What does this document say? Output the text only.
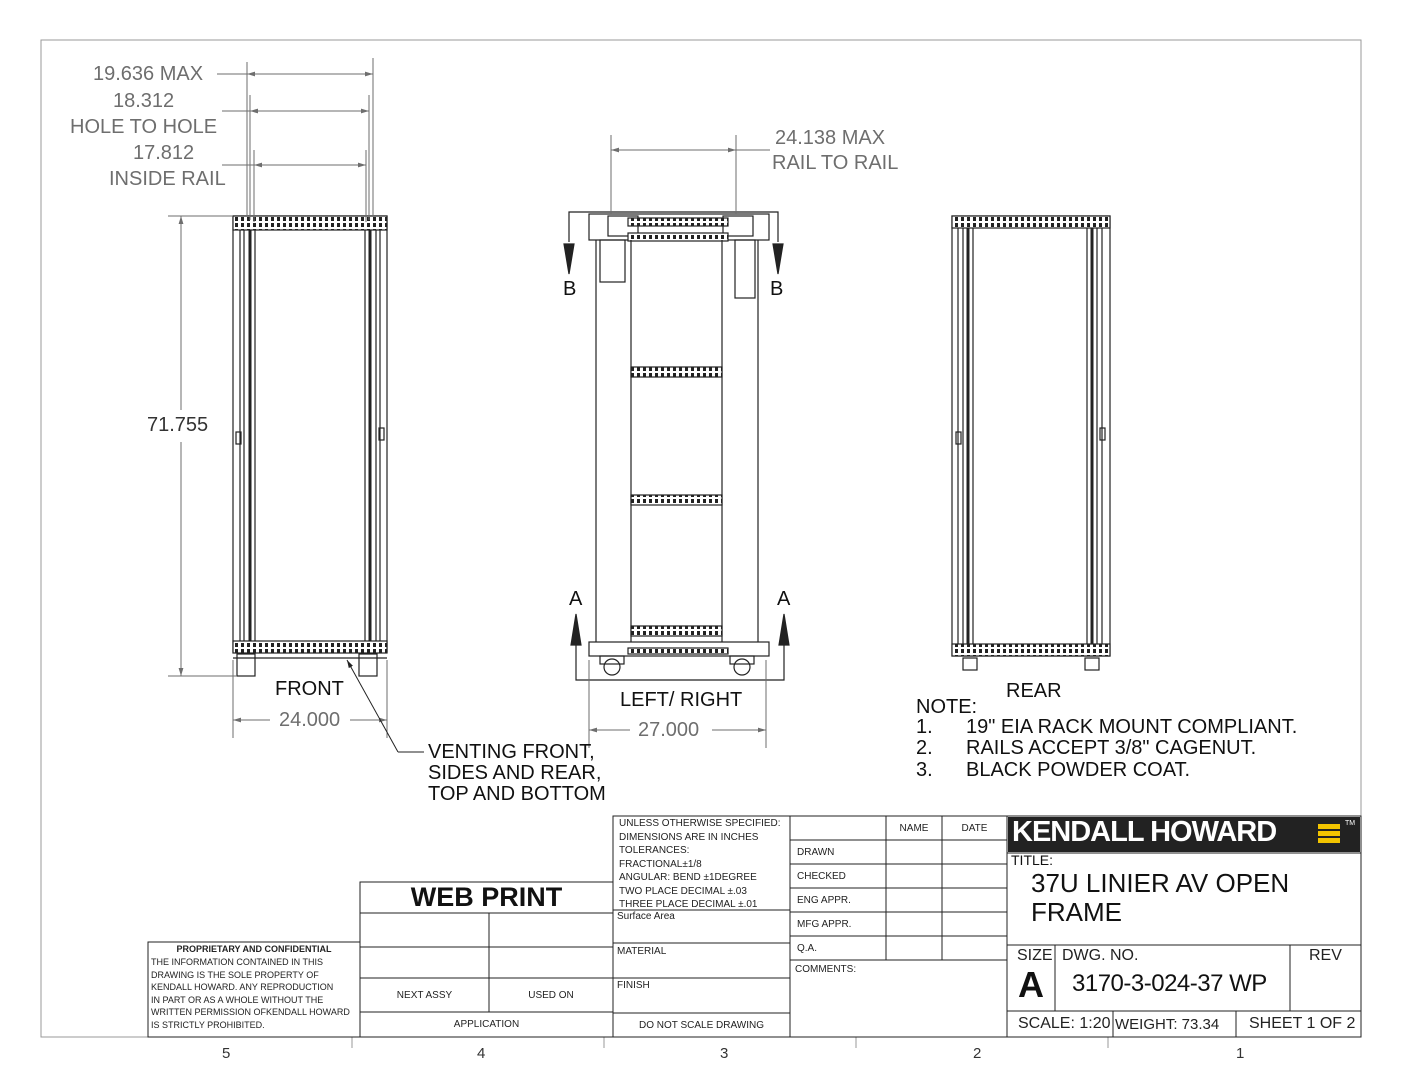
19.636 MAX
18.312
HOLE TO HOLE
17.812
INSIDE RAIL
71.755
24.000
FRONT
VENTING FRONT,
SIDES AND REAR,
TOP AND BOTTOM
24.138 MAX
RAIL TO RAIL
B	B
A	A
LEFT/ RIGHT
27.000
REAR
NOTE:
1. 19" EIA RACK MOUNT COMPLIANT.
2. RAILS ACCEPT 3/8" CAGENUT.
3. BLACK POWDER COAT.
WEB PRINT
PROPRIETARY AND CONFIDENTIAL
THE INFORMATION CONTAINED IN THIS
DRAWING IS THE SOLE PROPERTY OF
KENDALL HOWARD. ANY REPRODUCTION
IN PART OR AS A WHOLE WITHOUT THE
WRITTEN PERMISSION OFKENDALL HOWARD
IS STRICTLY PROHIBITED.
NEXT ASSY	USED ON
APPLICATION
UNLESS OTHERWISE SPECIFIED:
DIMENSIONS ARE IN INCHES
TOLERANCES:
FRACTIONAL±1/8
ANGULAR: BEND ±1DEGREE
TWO PLACE DECIMAL ±.03
THREE PLACE DECIMAL ±.01
Surface Area
MATERIAL
FINISH
DO NOT SCALE DRAWING
NAME	DATE
DRAWN
CHECKED
ENG APPR.
MFG APPR.
Q.A.
COMMENTS:
KENDALL HOWARD	TM
TITLE:
37U LINIER AV OPEN
FRAME
SIZE
A
DWG. NO.
3170-3-024-37 WP
REV
SCALE: 1:20 WEIGHT: 73.34 SHEET 1 OF 2
5	4	3	2	1
